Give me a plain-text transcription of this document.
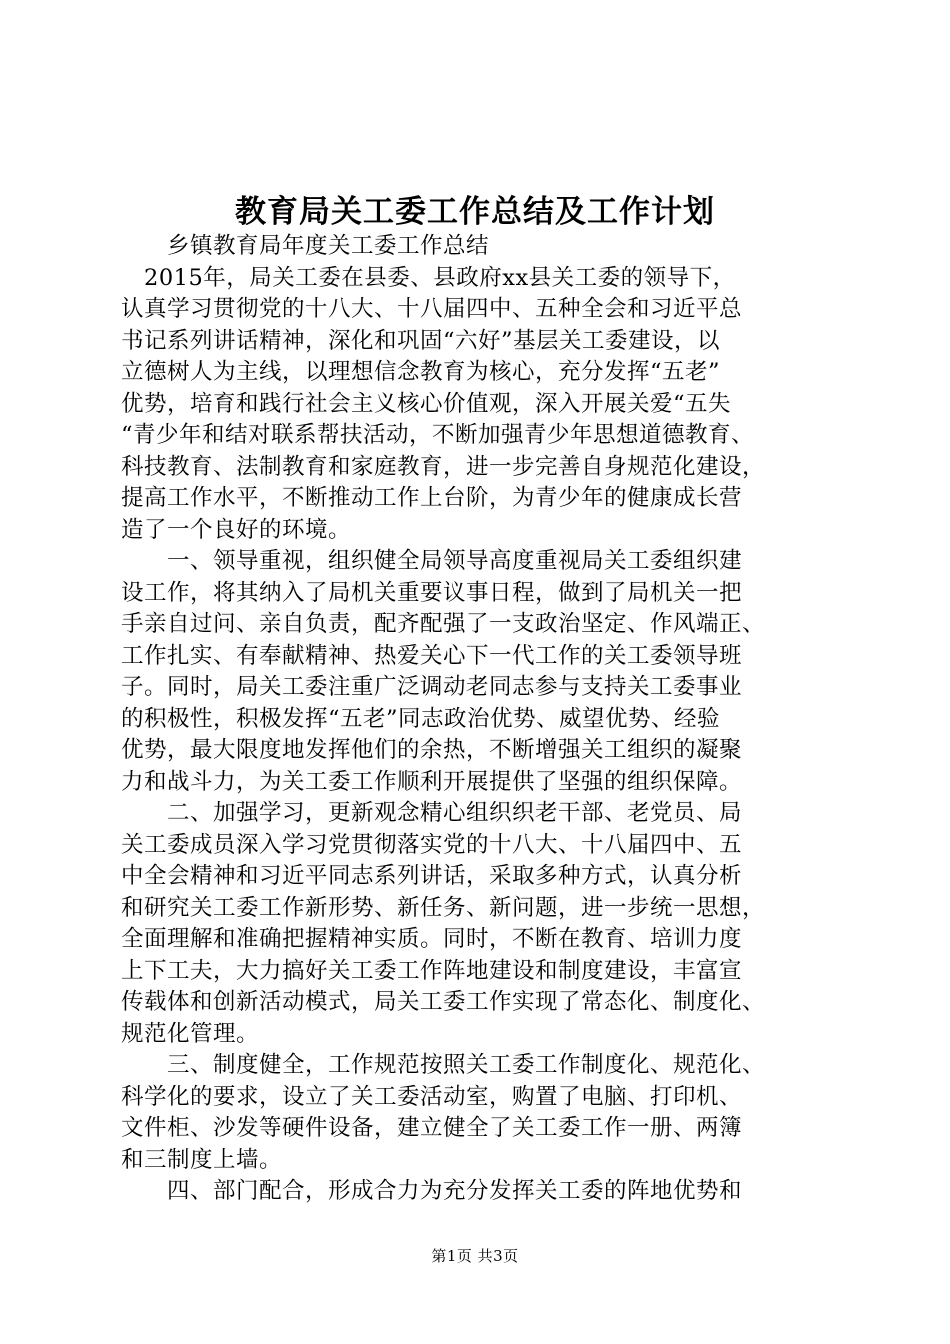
教育局关工委工作总结及工作计划
　　乡镇教育局年度关工委工作总结
　2015年，局关工委在县委、县政府xx县关工委的领导下，
认真学习贯彻党的十八大、十八届四中、五种全会和习近平总
书记系列讲话精神，深化和巩固“六好”基层关工委建设，以
立德树人为主线，以理想信念教育为核心，充分发挥“五老”
优势，培育和践行社会主义核心价值观，深入开展关爱“五失
“青少年和结对联系帮扶活动，不断加强青少年思想道德教育、
科技教育、法制教育和家庭教育，进一步完善自身规范化建设，
提高工作水平，不断推动工作上台阶，为青少年的健康成长营
造了一个良好的环境。
　　一、领导重视，组织健全局领导高度重视局关工委组织建
设工作，将其纳入了局机关重要议事日程，做到了局机关一把
手亲自过问、亲自负责，配齐配强了一支政治坚定、作风端正、
工作扎实、有奉献精神、热爱关心下一代工作的关工委领导班
子。同时，局关工委注重广泛调动老同志参与支持关工委事业
的积极性，积极发挥“五老”同志政治优势、威望优势、经验
优势，最大限度地发挥他们的余热，不断增强关工组织的凝聚
力和战斗力，为关工委工作顺利开展提供了坚强的组织保障。
　　二、加强学习，更新观念精心组织织老干部、老党员、局
关工委成员深入学习党贯彻落实党的十八大、十八届四中、五
中全会精神和习近平同志系列讲话，采取多种方式，认真分析
和研究关工委工作新形势、新任务、新问题，进一步统一思想，
全面理解和准确把握精神实质。同时，不断在教育、培训力度
上下工夫，大力搞好关工委工作阵地建设和制度建设，丰富宣
传载体和创新活动模式，局关工委工作实现了常态化、制度化、
规范化管理。
　　三、制度健全，工作规范按照关工委工作制度化、规范化、
科学化的要求，设立了关工委活动室，购置了电脑、打印机、
文件柜、沙发等硬件设备，建立健全了关工委工作一册、两簿
和三制度上墙。
　　四、部门配合，形成合力为充分发挥关工委的阵地优势和
第1页 共3页
